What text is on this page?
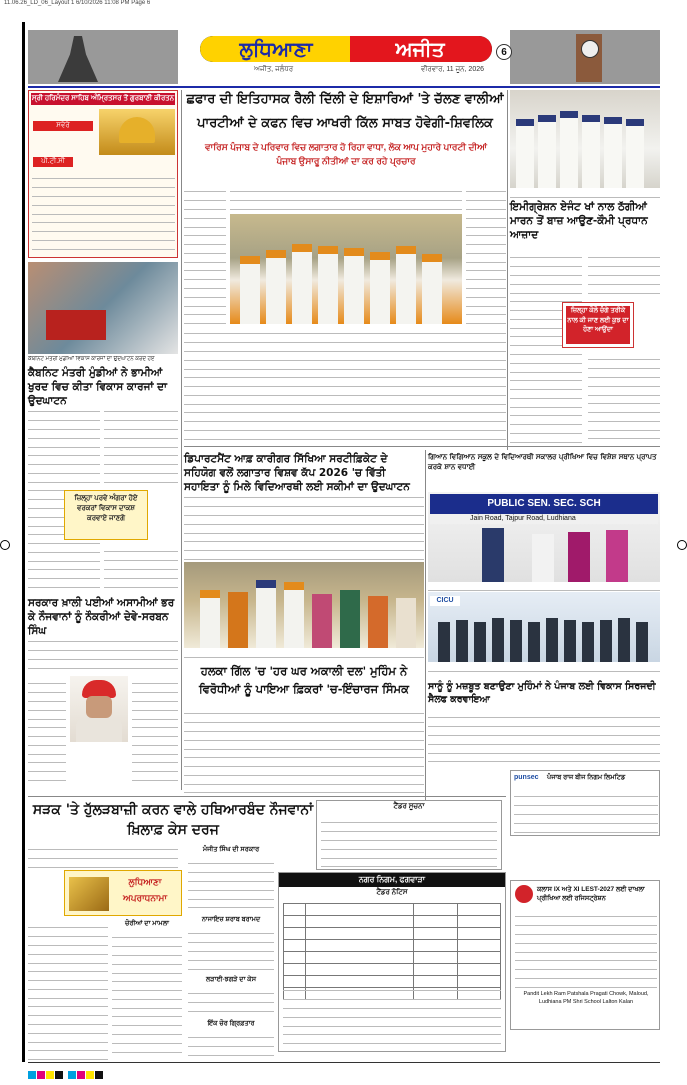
11.06.26_LD_06_Layout 1 6/10/2026 11:08 PM Page 6
ਲੁਧਿਆਣਾ	ਅਜੀਤ
ਅਜੀਤ, ਜਲੰਧਰ	ਵੀਰਵਾਰ, 11 ਜੂਨ, 2026
6
ਸ੍ਰੀ ਹਰਿਮੰਦਰ ਸਾਹਿਬ ਅੰਮ੍ਰਿਤਸਰ ਤੋਂ ਗੁਰਬਾਣੀ ਕੀਰਤਨ
ਸਵੇਰੇ
ਪੀ.ਟੀ.ਸੀ
ਕੈਬਨਿਟ ਮੰਤਰੀ ਮੁੰਡੀਆਂ ਵਿਕਾਸ ਕਾਰਜਾਂ ਦਾ ਉਦਘਾਟਨ ਕਰਦੇ ਹੋਏ
ਕੈਬਨਿਟ ਮੰਤਰੀ ਮੁੰਡੀਆਂ ਨੇ ਭਾਮੀਆਂ ਖੁਰਦ ਵਿਚ ਕੀਤਾ ਵਿਕਾਸ ਕਾਰਜਾਂ ਦਾ ਉਦਘਾਟਨ
ਜ਼ਿਲ੍ਹਾ ਪਰਵੇ ਅੰਗਰਾ ਹੋਏ ਵਰਕਰਾਂ ਵਿਕਾਸ ਦਾਕਸ਼ ਕਰਵਾਏ ਜਾਣਗੇ
ਛਫਾਰ ਦੀ ਇਤਿਹਾਸਕ ਰੈਲੀ ਦਿੱਲੀ ਦੇ ਇਸ਼ਾਰਿਆਂ 'ਤੇ ਚੱਲਣ ਵਾਲੀਆਂ
ਪਾਰਟੀਆਂ ਦੇ ਕਫਨ ਵਿਚ ਆਖਰੀ ਕਿੱਲ ਸਾਬਤ ਹੋਵੇਗੀ-ਸ਼ਿਵਲਿਕ
ਵਾਰਿਸ ਪੰਜਾਬ ਦੇ ਪਰਿਵਾਰ ਵਿਚ ਲਗਾਤਾਰ ਹੋ ਰਿਹਾ ਵਾਧਾ, ਲੋਕ ਆਪ ਮੁਹਾਰੇ ਪਾਰਟੀ ਦੀਆਂ ਪੰਜਾਬ ਉਸਾਰੂ ਨੀਤੀਆਂ ਦਾ ਕਰ ਰਹੇ ਪ੍ਰਚਾਰ
ਇਮੀਗ੍ਰੇਸ਼ਨ ਏਜੰਟ ਖਾਂ ਨਾਲ ਠੱਗੀਆਂ ਮਾਰਨ ਤੋਂ ਬਾਜ਼ ਆਉਣ-ਕੌਮੀ ਪ੍ਰਧਾਨ ਆਜ਼ਾਦ
ਜ਼ਿਲ੍ਹਾ ਕੋਲੋ ਚੰਗੇ ਤਰੀਕੇ ਨਾਲ ਕੀ ਜਾਣ ਲਈ ਕੁਝ ਦਾ ਹੋਣਾ ਆਉਂਦਾ
ਡਿਪਾਰਟਮੈਂਟ ਆਫ਼ ਕਾਰੀਗਰ ਸਿੱਖਿਆ ਸਰਟੀਫ਼ਿਕੇਟ ਦੇ ਸਹਿਯੋਗ ਵਲੋਂ ਲਗਾਤਾਰ ਵਿਸ਼ਵ ਕੱਪ 2026 'ਚ ਵਿੱਤੀ ਸਹਾਇਤਾ ਨੂੰ ਮਿਲੇ ਵਿਦਿਆਰਥੀ ਲਈ ਸਕੀਮਾਂ ਦਾ ਉਦਘਾਟਨ
ਗਿਆਨ ਵਿਗਿਆਨ ਸਕੂਲ ਦੇ ਵਿਦਿਆਰਥੀ ਸਕਾਲਰ ਪ੍ਰੀਖਿਆ ਵਿਚ ਵਿਸ਼ੇਸ਼ ਸਥਾਨ ਪ੍ਰਾਪਤ ਕਰਕੇ ਸ਼ਾਨ ਵਧਾਈ
PUBLIC SEN. SEC. SCH
Jain Road, Tajpur Road, Ludhiana
CICU
ਸਰਕਾਰ ਖ਼ਾਲੀ ਪਈਆਂ ਅਸਾਮੀਆਂ ਭਰ ਕੇ ਨੌਜਵਾਨਾਂ ਨੂੰ ਨੌਕਰੀਆਂ ਦੇਵੇ-ਸਰਬਨ ਸਿੰਘ
ਹਲਕਾ ਗਿੱਲ 'ਚ 'ਹਰ ਘਰ ਅਕਾਲੀ ਦਲ' ਮੁਹਿੰਮ ਨੇ ਵਿਰੋਧੀਆਂ ਨੂੰ ਪਾਇਆ ਫ਼ਿਕਰਾਂ 'ਚ-ਇੰਚਾਰਜ ਸਿੰਮਕ	ਸਾਨੂੰ ਨੂੰ ਮਜ਼ਬੂਤ ਬਣਾਉਣਾ ਮੁਹਿੰਮਾਂ ਨੇ ਪੰਜਾਬ ਲਈ ਵਿਕਾਸ ਸਿਰਜਦੀ ਸੈਲਫ ਕਰਵਾਇਆ
punsec	ਪੰਜਾਬ ਰਾਜ ਬੀਜ ਨਿਗਮ ਲਿਮਟਿਡ
ਸੜਕ 'ਤੇ ਹੁੱਲੜਬਾਜ਼ੀ ਕਰਨ ਵਾਲੇ ਹਥਿਆਰਬੰਦ ਨੌਜਵਾਨਾਂ ਖ਼ਿਲਾਫ਼ ਕੇਸ ਦਰਜ
ਟੈਂਡਰ ਸੂਚਨਾ
ਲੁਧਿਆਣਾ
ਅਪਰਾਧਨਾਮਾ
ਚੋਰੀਆਂ ਦਾ ਮਾਮਲਾ
ਮੰਜੀਤ ਸਿੰਘ ਦੀ ਸਰਕਾਰ
ਨਾਜਾਇਜ਼ ਸ਼ਰਾਬ ਬਰਾਮਦ
ਲੜਾਈ-ਝਗੜੇ ਦਾ ਕੇਸ
ਇੱਕ ਚੋਰ ਗ੍ਰਿਫ਼ਤਾਰ
ਨਗਰ ਨਿਗਮ, ਫਗਵਾੜਾ
ਟੈਂਡਰ ਨੋਟਿਸ

				ਕਲਾਸ IX ਅਤੇ XI LEST-2027 ਲਈ ਦਾਖਲਾ ਪ੍ਰੀਖਿਆ ਲਈ ਰਜਿਸਟ੍ਰੇਸ਼ਨ
Pandit Lekh Ram Patshala Pragati Chowk, Maloud, Ludhiana PM Shri School Lalton Kalan
